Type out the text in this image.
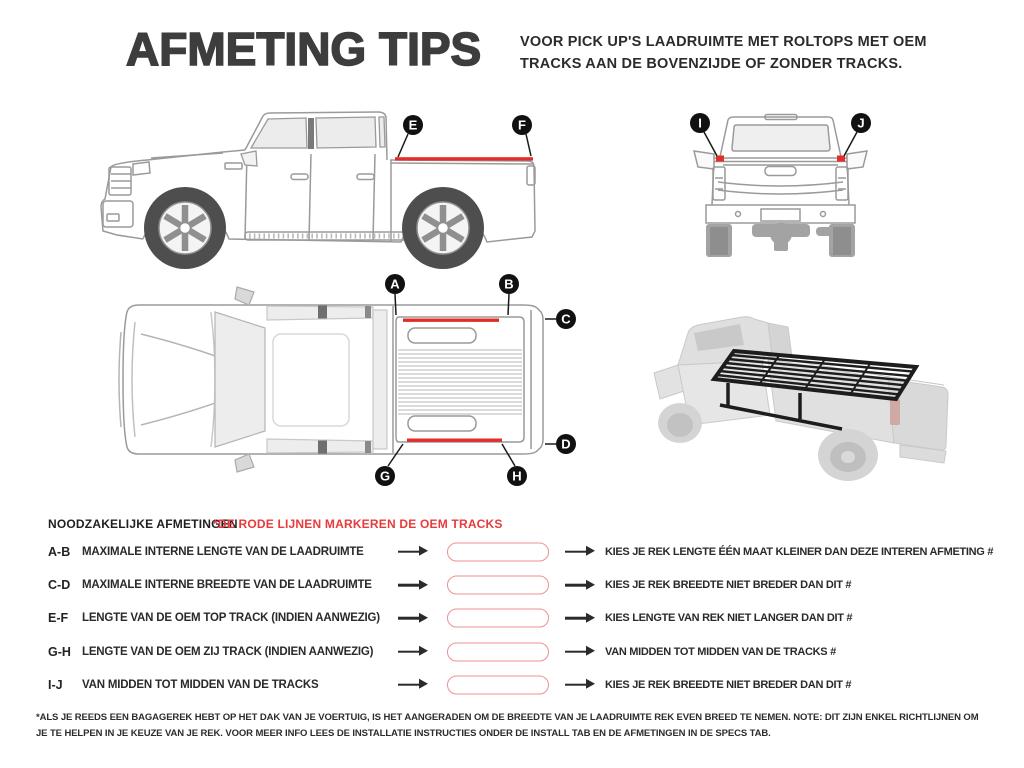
AFMETING TIPS	VOOR PICK UP'S LAADRUIMTE MET ROLTOPS MET OEM
TRACKS AAN DE BOVENZIJDE OF ZONDER TRACKS.
E	F	I	J
A	B
C
D
G	H
NOODZAKELIJKE AFMETINGEN
*DE RODE LIJNEN MARKEREN DE OEM TRACKS
A-B MAXIMALE INTERNE LENGTE VAN DE LAADRUIMTE	KIES JE REK LENGTE ÉÉN MAAT KLEINER DAN DEZE INTEREN AFMETING #
C-D MAXIMALE INTERNE BREEDTE VAN DE LAADRUIMTE	KIES JE REK BREEDTE NIET BREDER DAN DIT #
E-F LENGTE VAN DE OEM TOP TRACK (INDIEN AANWEZIG)	KIES LENGTE VAN REK NIET LANGER DAN DIT #
G-H LENGTE VAN DE OEM ZIJ TRACK (INDIEN AANWEZIG)	VAN MIDDEN TOT MIDDEN VAN DE TRACKS #
I-J VAN MIDDEN TOT MIDDEN VAN DE TRACKS	KIES JE REK BREEDTE NIET BREDER DAN DIT #
*ALS JE REEDS EEN BAGAGEREK HEBT OP HET DAK VAN JE VOERTUIG, IS HET AANGERADEN OM DE BREEDTE VAN JE LAADRUIMTE REK EVEN BREED TE NEMEN. NOTE: DIT ZIJN ENKEL RICHTLIJNEN OM
JE TE HELPEN IN JE KEUZE VAN JE REK. VOOR MEER INFO LEES DE INSTALLATIE INSTRUCTIES ONDER DE INSTALL TAB EN DE AFMETINGEN IN DE SPECS TAB.
